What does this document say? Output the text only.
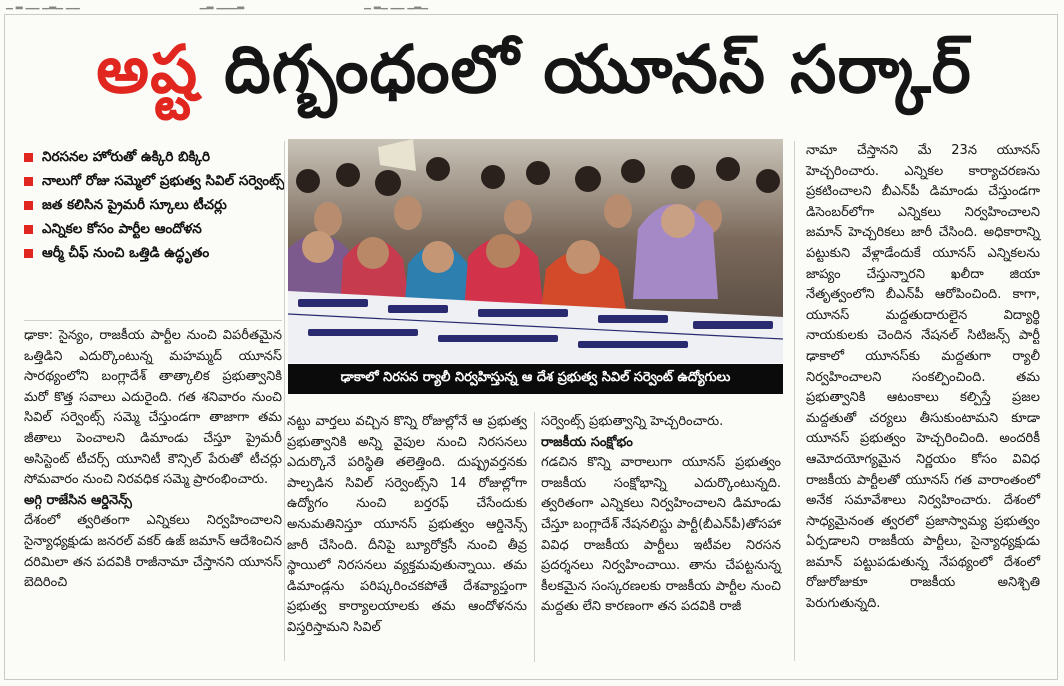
▁ ▂ ▁▁ ▁▂▁ ▁▁	▁▂ ▁▁▁▂	▁ ▂▁ ▁▁ ▁▂▁
అష్ట దిగ్బంధంలో యూనస్ సర్కార్
నిరసనల హోరుతో ఉక్కిరి బిక్కిరి
నాలుగో రోజు సమ్మెలో ప్రభుత్వ సివిల్ సర్వెంట్స్
జత కలిసిన ప్రైమరీ స్కూలు టీచర్లు
ఎన్నికల కోసం పార్టీల ఆందోళన
ఆర్మీ చీఫ్ నుంచి ఒత్తిడి ఉద్ధృతం

ఢాకా: సైన్యం, రాజకీయ పార్టీల నుంచి విపరీతమైన ఒత్తిడిని ఎదుర్కొంటున్న మహమ్మద్ యూనస్ సారథ్యంలోని బంగ్లాదేశ్ తాత్కాలిక ప్రభుత్వానికి మరో కొత్త సవాలు ఎదురైంది. గత శనివారం నుంచి సివిల్ సర్వెంట్స్ సమ్మె చేస్తుండగా తాజాగా తమ జీతాలు పెంచాలని డిమాండు చేస్తూ ప్రైమరీ అసిస్టెంట్ టీచర్స్ యూనిటీ కౌన్సిల్ పేరుతో టీచర్లు సోమవారం నుంచి నిరవధిక సమ్మె ప్రారంభించారు.

అగ్గి రాజేసిన ఆర్డినెన్స్

దేశంలో త్వరితంగా ఎన్నికలు నిర్వహించాలని సైన్యాధ్యక్షుడు జనరల్ వకర్ ఉజ్ జమాన్ ఆదేశించిన దరిమిలా తన పదవికి రాజీనామా చేస్తానని యూనస్ బెదిరించి

ఢాకాలో నిరసన ర్యాలీ నిర్వహిస్తున్న ఆ దేశ ప్రభుత్వ సివిల్ సర్వెంట్ ఉద్యోగులు

నట్టు వార్తలు వచ్చిన కొన్ని రోజుల్లోనే ఆ ప్రభుత్వ ప్రభుత్వానికి అన్ని వైపుల నుంచి నిరసనలు ఎదుర్కొనే పరిస్థితి తలెత్తింది. దుష్ప్రవర్తనకు పాల్పడిన సివిల్ సర్వెంట్స్‌ని 14 రోజుల్లోగా ఉద్యోగం నుంచి బర్తరఫ్ చేసేందుకు అనుమతినిస్తూ యూనస్ ప్రభుత్వం ఆర్డినెన్స్ జారీ చేసింది. దీనిపై బ్యూరోక్రసీ నుంచి తీవ్ర స్థాయిలో నిరసనలు వ్యక్తమవుతున్నాయి. తమ డిమాండ్లను పరిష్కరించకపోతే దేశవ్యాప్తంగా ప్రభుత్వ కార్యాలయాలకు తమ ఆందోళనను విస్తరిస్తామని సివిల్

సర్వెంట్స్ ప్రభుత్వాన్ని హెచ్చరించారు.

రాజకీయ సంక్షోభం

గడచిన కొన్ని వారాలుగా యూనస్ ప్రభుత్వం రాజకీయ సంక్షోభాన్ని ఎదుర్కొంటున్నది. త్వరితంగా ఎన్నికలు నిర్వహించాలని డిమాండు చేస్తూ బంగ్లాదేశ్ నేషనలిస్టు పార్టీ(బీఎన్‌పీ)తోసహా వివిధ రాజకీయ పార్టీలు ఇటీవల నిరసన ప్రదర్శనలు నిర్వహించాయి. తాను చేపట్టనున్న కీలకమైన సంస్కరణలకు రాజకీయ పార్టీల నుంచి మద్దతు లేని కారణంగా తన పదవికి రాజీ

నామా చేస్తానని మే 23న యూనస్ హెచ్చరించారు. ఎన్నికల కార్యాచరణను ప్రకటించాలని బీఎన్‌పీ డిమాండు చేస్తుండగా డిసెంబర్‌లోగా ఎన్నికలు నిర్వహించాలని జమాన్ హెచ్చరికలు జారీ చేసింది. అధికారాన్ని పట్టుకుని వేళ్లాడేందుకే యూనస్ ఎన్నికలను జాప్యం చేస్తున్నారని ఖలీదా జియా నేతృత్వంలోని బీఎన్‌పీ ఆరోపించింది. కాగా, యూనస్ మద్దతుదారులైన విద్యార్థి నాయకులకు చెందిన నేషనల్ సిటిజన్స్ పార్టీ ఢాకాలో యూనస్‌కు మద్దతుగా ర్యాలీ నిర్వహించాలని సంకల్పించింది. తమ ప్రభుత్వానికి ఆటంకాలు కల్పిస్తే ప్రజల మద్దతుతో చర్యలు తీసుకుంటామని కూడా యూనస్ ప్రభుత్వం హెచ్చరించింది. అందరికీ ఆమోదయోగ్యమైన నిర్ణయం కోసం వివిధ రాజకీయ పార్టీలతో యూనస్ గత వారాంతంలో అనేక సమావేశాలు నిర్వహించారు. దేశంలో సాధ్యమైనంత త్వరలో ప్రజాస్వామ్య ప్రభుత్వం ఏర్పడాలని రాజకీయ పార్టీలు, సైన్యాధ్యక్షుడు జమాన్ పట్టుపడుతున్న నేపథ్యంలో దేశంలో రోజురోజుకూ రాజకీయ అనిశ్చితి పెరుగుతున్నది.
